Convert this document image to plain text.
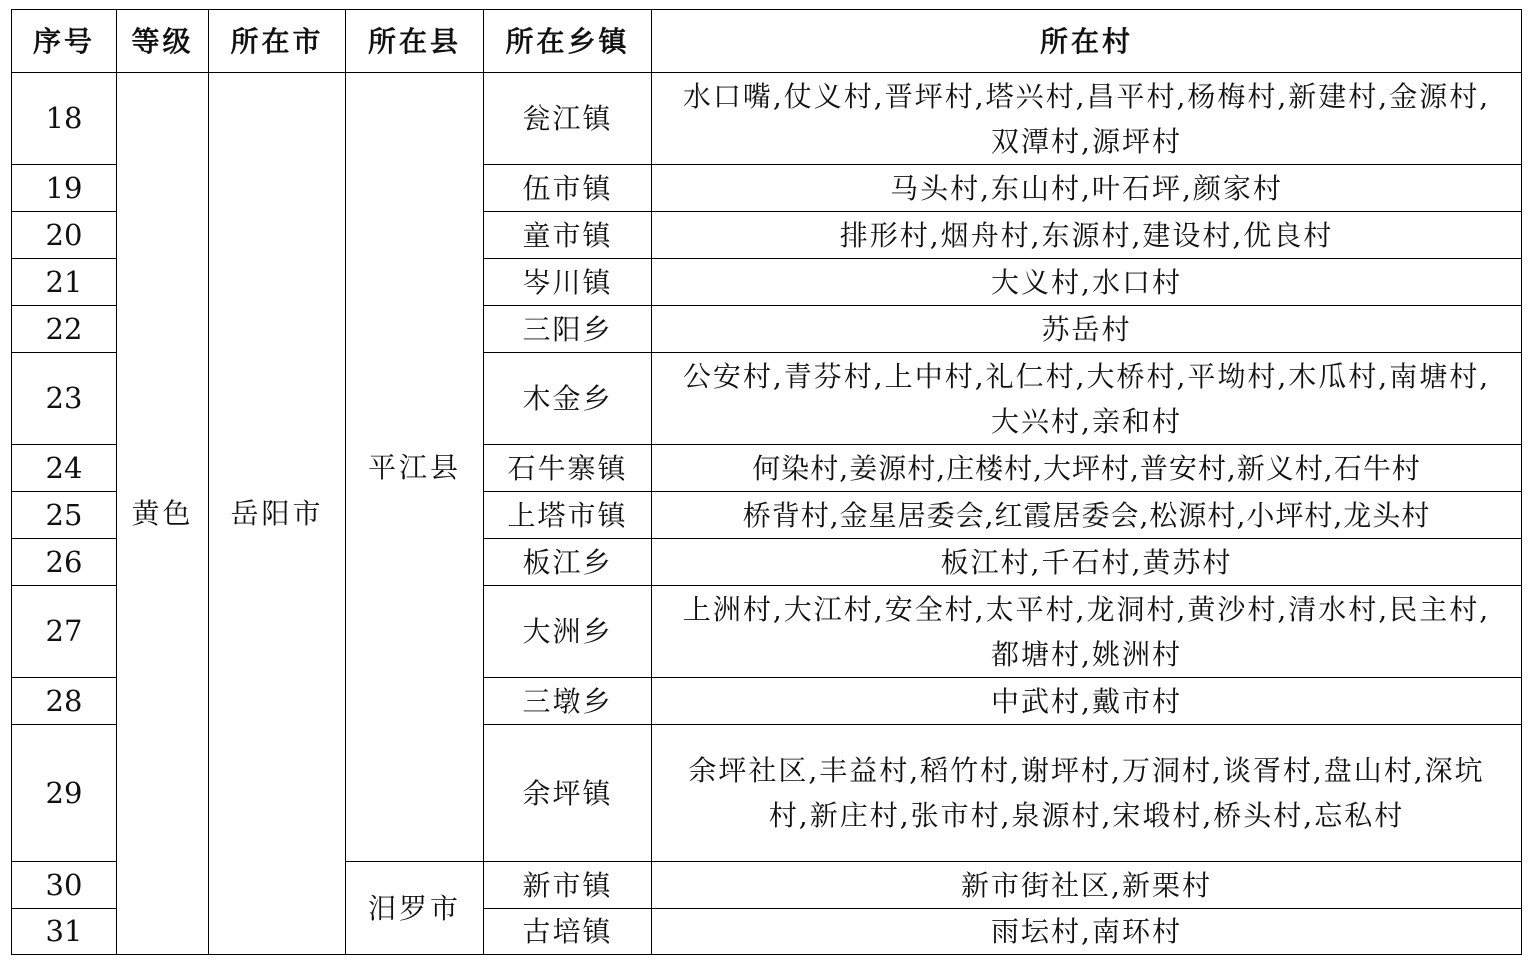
序号	等级	所在市	所在县	所在乡镇	所在村
18	黄色	岳阳市	平江县	瓮江镇	水口嘴,仗义村,晋坪村,塔兴村,昌平村,杨梅村,新建村,金源村,双潭村,源坪村
19				伍市镇	马头村,东山村,叶石坪,颜家村
20				童市镇	排形村,烟舟村,东源村,建设村,优良村
21				岑川镇	大义村,水口村
22				三阳乡	苏岳村
23				木金乡	公安村,青芬村,上中村,礼仁村,大桥村,平坳村,木瓜村,南塘村,大兴村,亲和村
24				石牛寨镇	何染村,姜源村,庄楼村,大坪村,普安村,新义村,石牛村
25				上塔市镇	桥背村,金星居委会,红霞居委会,松源村,小坪村,龙头村
26				板江乡	板江村,千石村,黄苏村
27				大洲乡	上洲村,大江村,安全村,太平村,龙洞村,黄沙村,清水村,民主村,都塘村,姚洲村
28				三墩乡	中武村,戴市村
29				余坪镇	余坪社区,丰益村,稻竹村,谢坪村,万洞村,谈胥村,盘山村,深坑村,新庄村,张市村,泉源村,宋塅村,桥头村,忘私村
30			汨罗市	新市镇	新市街社区,新栗村
31				古培镇	雨坛村,南环村
